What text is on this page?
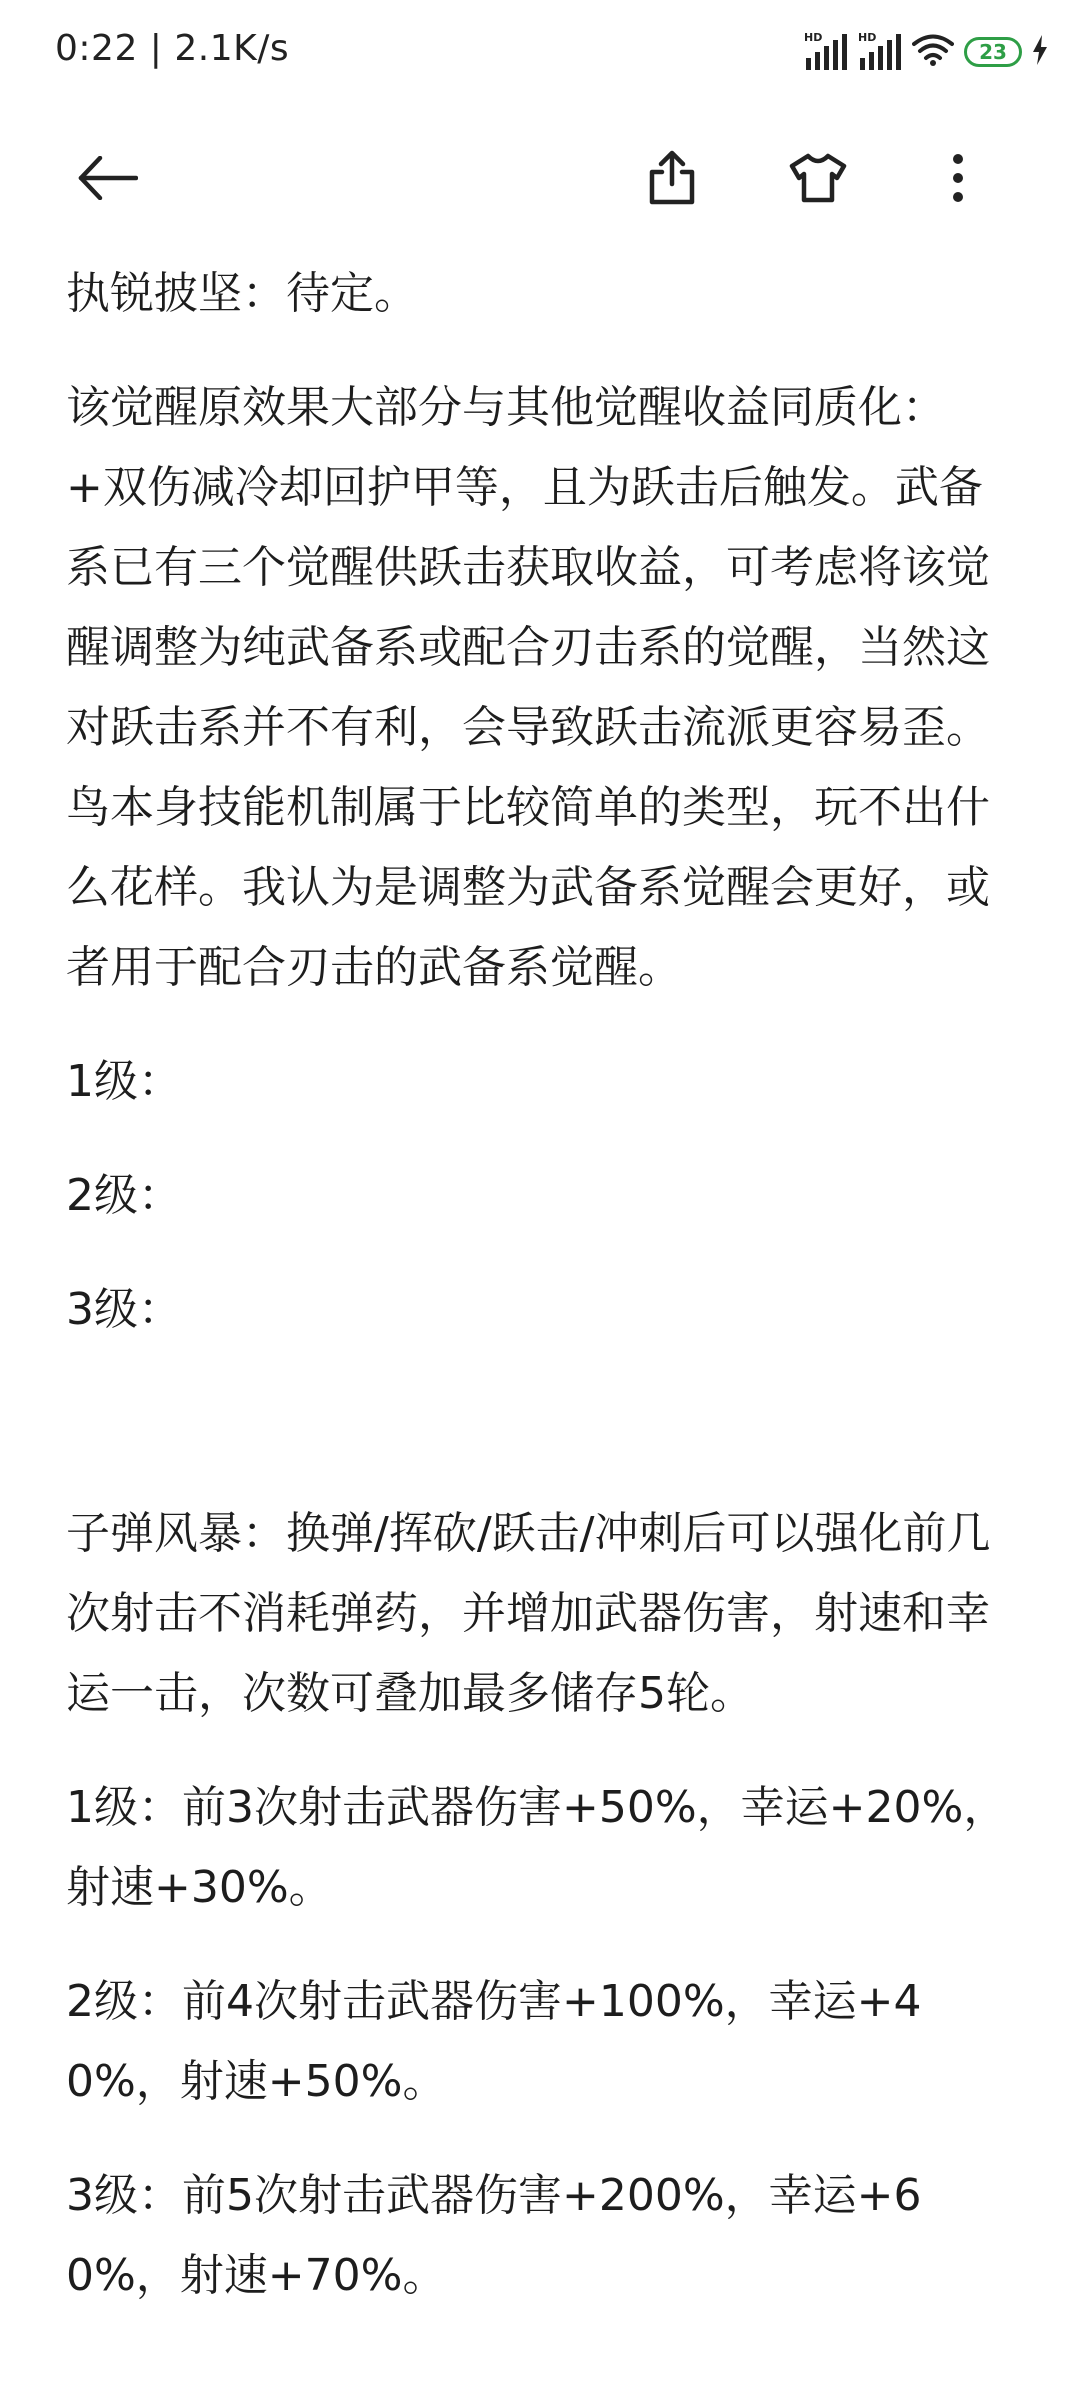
0:22 | 2.1K/s	HD	HD
23

执锐披坚：待定。

该觉醒原效果大部分与其他觉醒收益同质化：+双伤减冷却回护甲等，且为跃击后触发。武备系已有三个觉醒供跃击获取收益，可考虑将该觉醒调整为纯武备系或配合刃击系的觉醒，当然这对跃击系并不有利，会导致跃击流派更容易歪。鸟本身技能机制属于比较简单的类型，玩不出什么花样。我认为是调整为武备系觉醒会更好，或者用于配合刃击的武备系觉醒。

1级：

2级：

3级：

子弹风暴：换弹/挥砍/跃击/冲刺后可以强化前几次射击不消耗弹药，并增加武器伤害，射速和幸运一击，次数可叠加最多储存5轮。

1级：前3次射击武器伤害+50%，幸运+20%，射速+30%。

2级：前4次射击武器伤害+100%，幸运+40%，射速+50%。

3级：前5次射击武器伤害+200%，幸运+60%，射速+70%。
